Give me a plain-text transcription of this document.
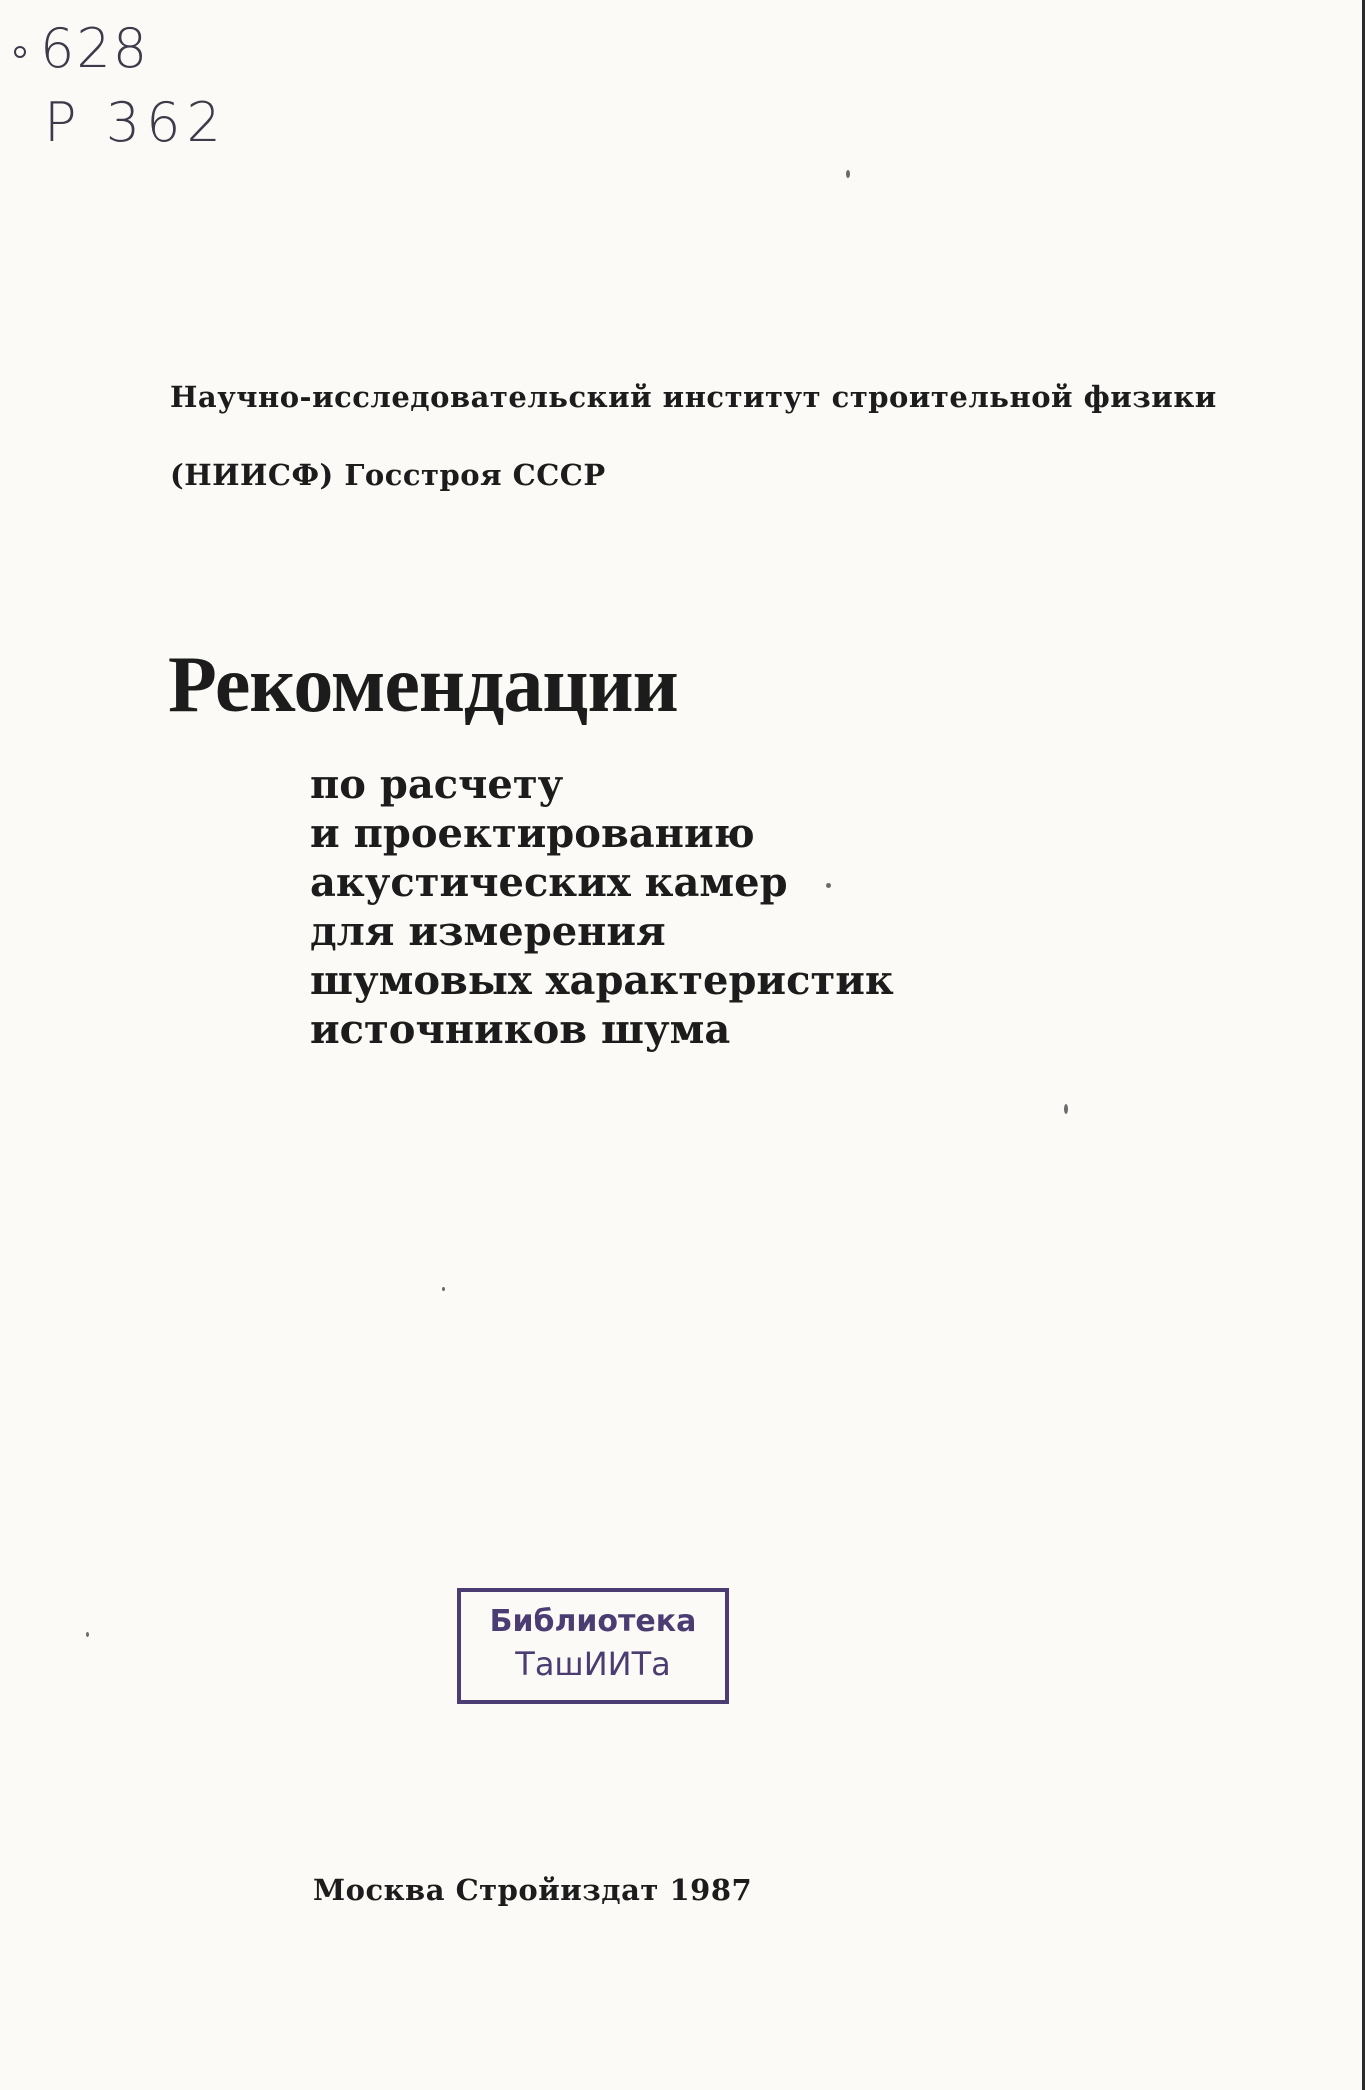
628
Р 362
Научно-исследовательский институт строительной физики
(НИИСФ) Госстроя СССР
Рекомендации
по расчету
и проектированию
акустических камер
для измерения
шумовых характеристик
источников шума
Библиотека
ТашИИТа
Москва Стройиздат 1987
